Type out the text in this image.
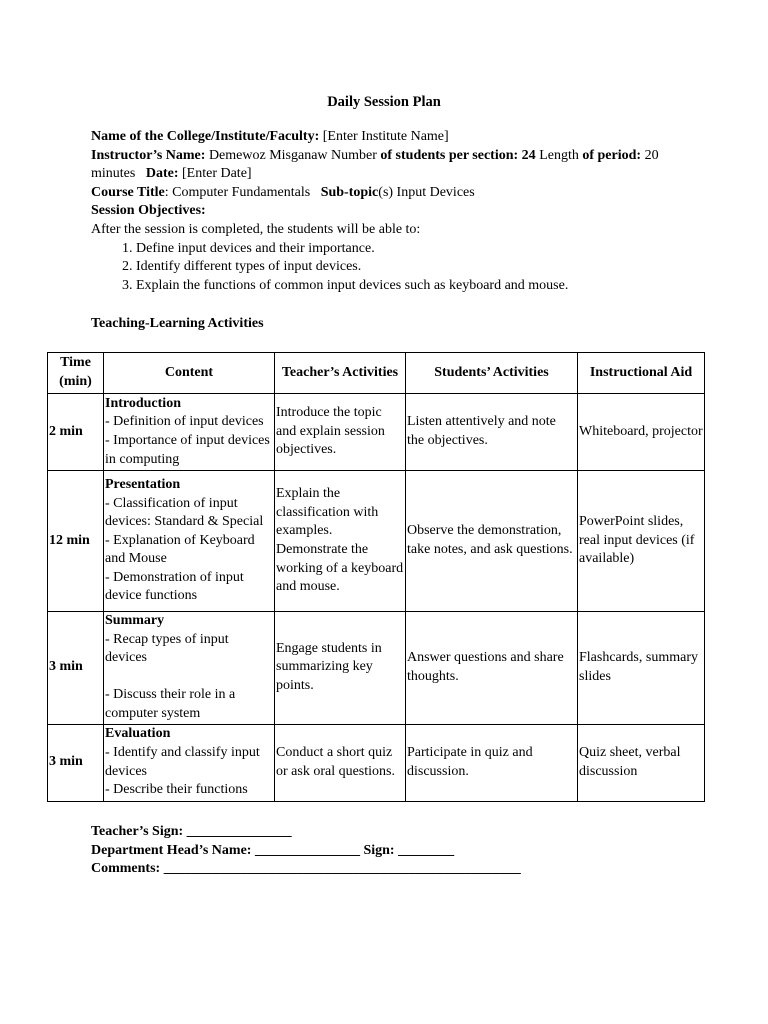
Daily Session Plan
Name of the College/Institute/Faculty: [Enter Institute Name]
Instructor’s Name: Demewoz Misganaw Number of students per section: 24 Length of period: 20
minutes   Date: [Enter Date]
Course Title: Computer Fundamentals   Sub-topic(s) Input Devices
Session Objectives:
After the session is completed, the students will be able to:
1. Define input devices and their importance.
2. Identify different types of input devices.
3. Explain the functions of common input devices such as keyboard and mouse.
Teaching-Learning Activities
Time (min)	Content	Teacher’s Activities	Students’ Activities	Instructional Aid
2 min	Introduction
- Definition of input devices
- Importance of input devices in computing	Introduce the topic and explain session objectives.	Listen attentively and note the objectives.	Whiteboard, projector
12 min	Presentation
- Classification of input devices: Standard & Special
- Explanation of Keyboard and Mouse
- Demonstration of input device functions	Explain the classification with examples. Demonstrate the working of a keyboard and mouse.	Observe the demonstration, take notes, and ask questions.	PowerPoint slides, real input devices (if available)
3 min	Summary
- Recap types of input devices
- Discuss their role in a computer system	Engage students in summarizing key points.	Answer questions and share thoughts.	Flashcards, summary slides
3 min	Evaluation
- Identify and classify input devices
- Describe their functions	Conduct a short quiz or ask oral questions.	Participate in quiz and discussion.	Quiz sheet, verbal discussion
Teacher’s Sign: _______________
Department Head’s Name: _______________ Sign: ________
Comments: ___________________________________________________
